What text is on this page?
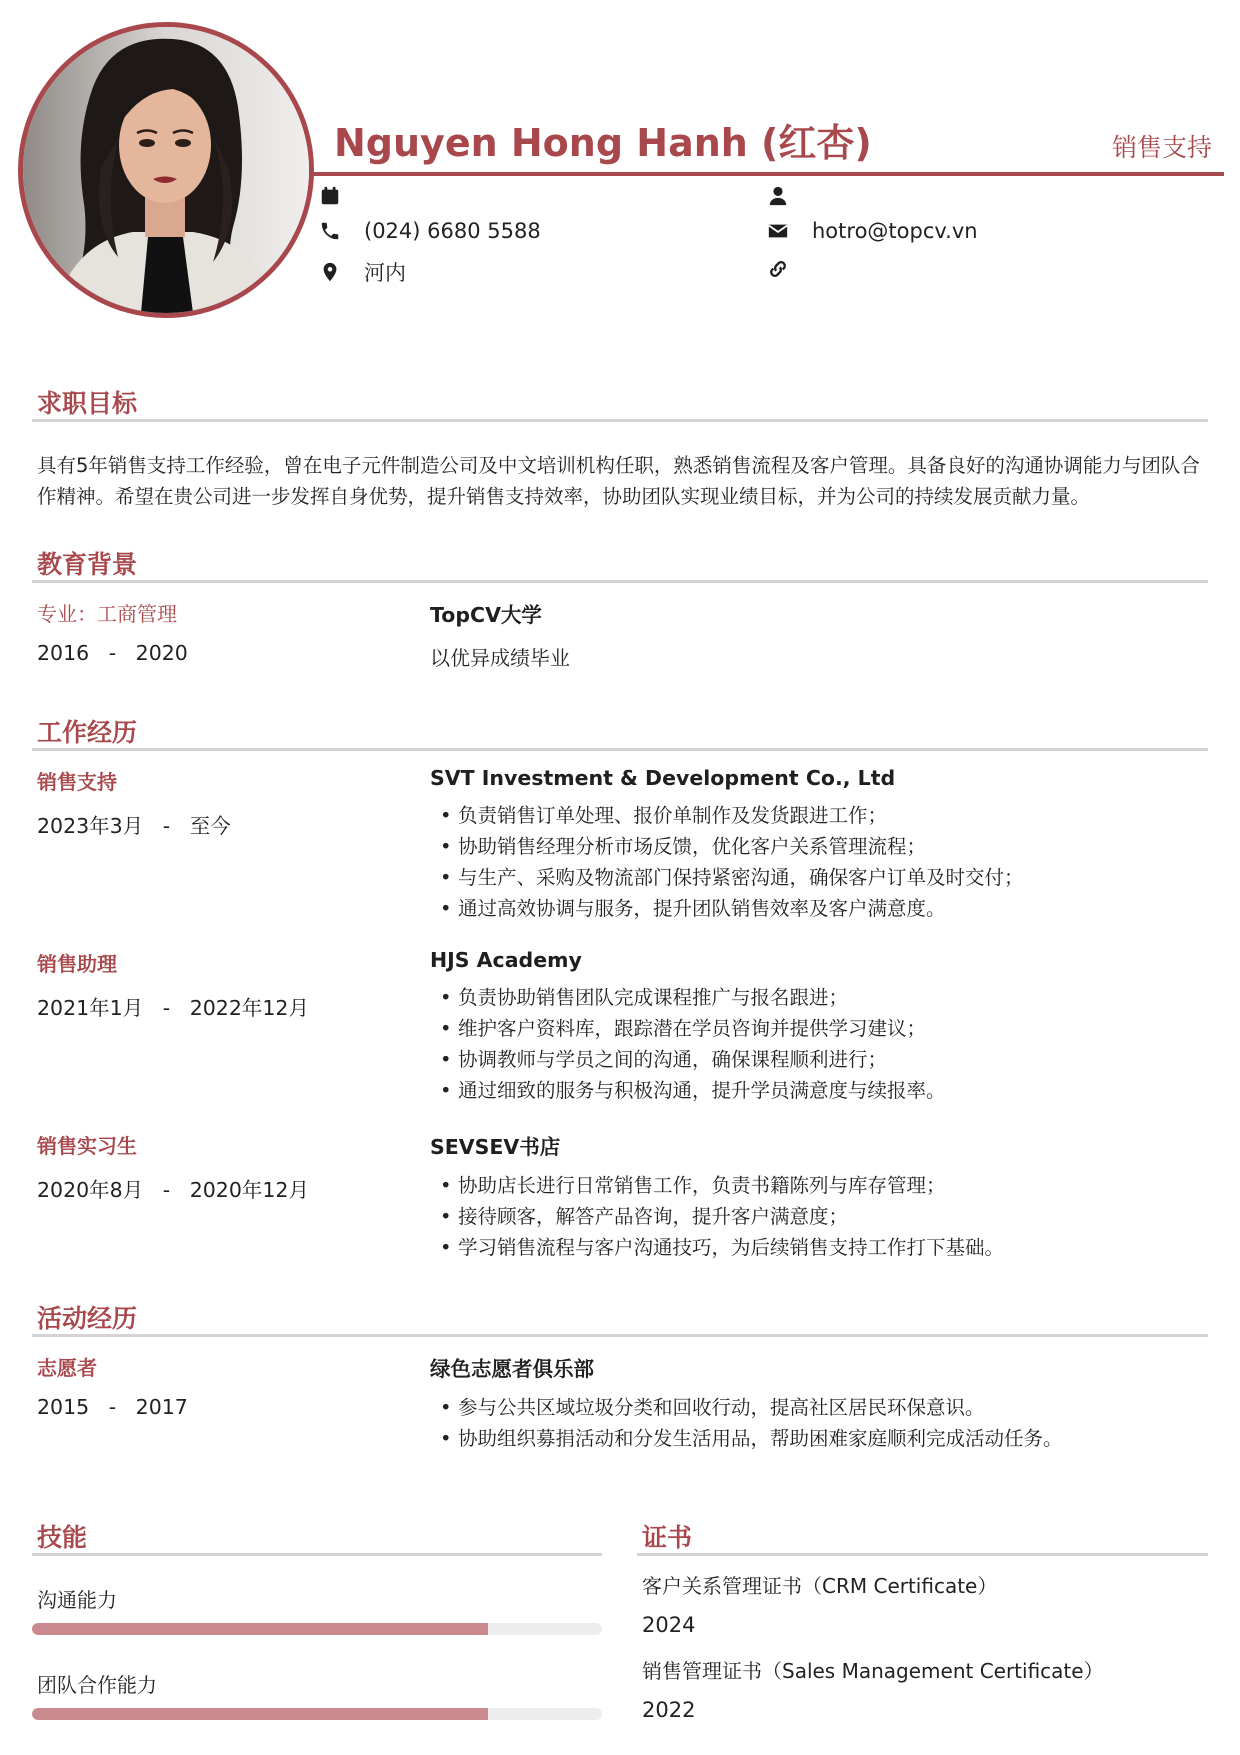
Nguyen Hong Hanh (红杏)	销售支持
(024) 6680 5588
河内
hotro@topcv.vn
求职目标
具有5年销售支持工作经验，曾在电子元件制造公司及中文培训机构任职，熟悉销售流程及客户管理。具备良好的沟通协调能力与团队合作精神。希望在贵公司进一步发挥自身优势，提升销售支持效率，协助团队实现业绩目标，并为公司的持续发展贡献力量。
教育背景
专业：工商管理
2016   -   2020
TopCV大学
以优异成绩毕业
工作经历
销售支持
2023年3月   -   至今
SVT Investment & Development Co., Ltd
• 负责销售订单处理、报价单制作及发货跟进工作；
• 协助销售经理分析市场反馈，优化客户关系管理流程；
• 与生产、采购及物流部门保持紧密沟通，确保客户订单及时交付；
• 通过高效协调与服务，提升团队销售效率及客户满意度。
销售助理
2021年1月   -   2022年12月
HJS Academy
• 负责协助销售团队完成课程推广与报名跟进；
• 维护客户资料库，跟踪潜在学员咨询并提供学习建议；
• 协调教师与学员之间的沟通，确保课程顺利进行；
• 通过细致的服务与积极沟通，提升学员满意度与续报率。
销售实习生
2020年8月   -   2020年12月
SEVSEV书店
• 协助店长进行日常销售工作，负责书籍陈列与库存管理；
• 接待顾客，解答产品咨询，提升客户满意度；
• 学习销售流程与客户沟通技巧，为后续销售支持工作打下基础。
活动经历
志愿者
2015   -   2017
绿色志愿者俱乐部
• 参与公共区域垃圾分类和回收行动，提高社区居民环保意识。
• 协助组织募捐活动和分发生活用品，帮助困难家庭顺利完成活动任务。
技能
沟通能力
团队合作能力
证书
客户关系管理证书（CRM Certificate）
2024
销售管理证书（Sales Management Certificate）
2022
